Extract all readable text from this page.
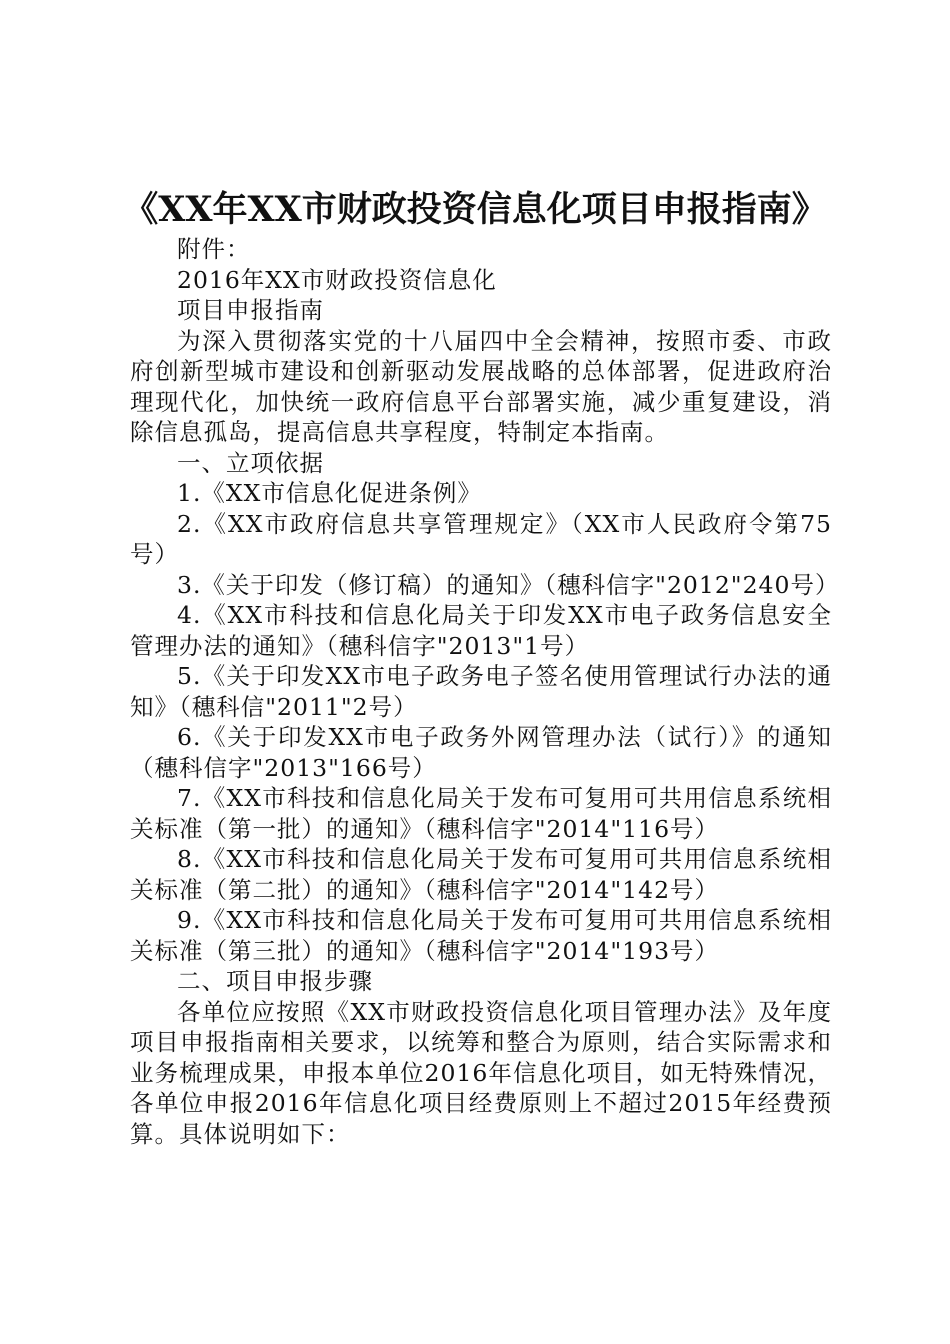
《XX年XX市财政投资信息化项目申报指南》

附件：

2016年XX市财政投资信息化

项目申报指南

为深入贯彻落实党的十八届四中全会精神，按照市委、市政府创新型城市建设和创新驱动发展战略的总体部署，促进政府治理现代化，加快统一政府信息平台部署实施，减少重复建设，消除信息孤岛，提高信息共享程度，特制定本指南。

一、立项依据

1.《XX市信息化促进条例》

2.《XX市政府信息共享管理规定》（XX市人民政府令第75号）

3.《关于印发（修订稿）的通知》（穗科信字"2012"240号）

4.《XX市科技和信息化局关于印发XX市电子政务信息安全管理办法的通知》（穗科信字"2013"1号）

5.《关于印发XX市电子政务电子签名使用管理试行办法的通知》（穗科信"2011"2号）

6.《关于印发XX市电子政务外网管理办法（试行）》的通知（穗科信字"2013"166号）

7.《XX市科技和信息化局关于发布可复用可共用信息系统相关标准（第一批）的通知》（穗科信字"2014"116号）

8.《XX市科技和信息化局关于发布可复用可共用信息系统相关标准（第二批）的通知》（穗科信字"2014"142号）

9.《XX市科技和信息化局关于发布可复用可共用信息系统相关标准（第三批）的通知》（穗科信字"2014"193号）

二、项目申报步骤

各单位应按照《XX市财政投资信息化项目管理办法》及年度项目申报指南相关要求，以统筹和整合为原则，结合实际需求和业务梳理成果，申报本单位2016年信息化项目，如无特殊情况，各单位申报2016年信息化项目经费原则上不超过2015年经费预算。具体说明如下：
